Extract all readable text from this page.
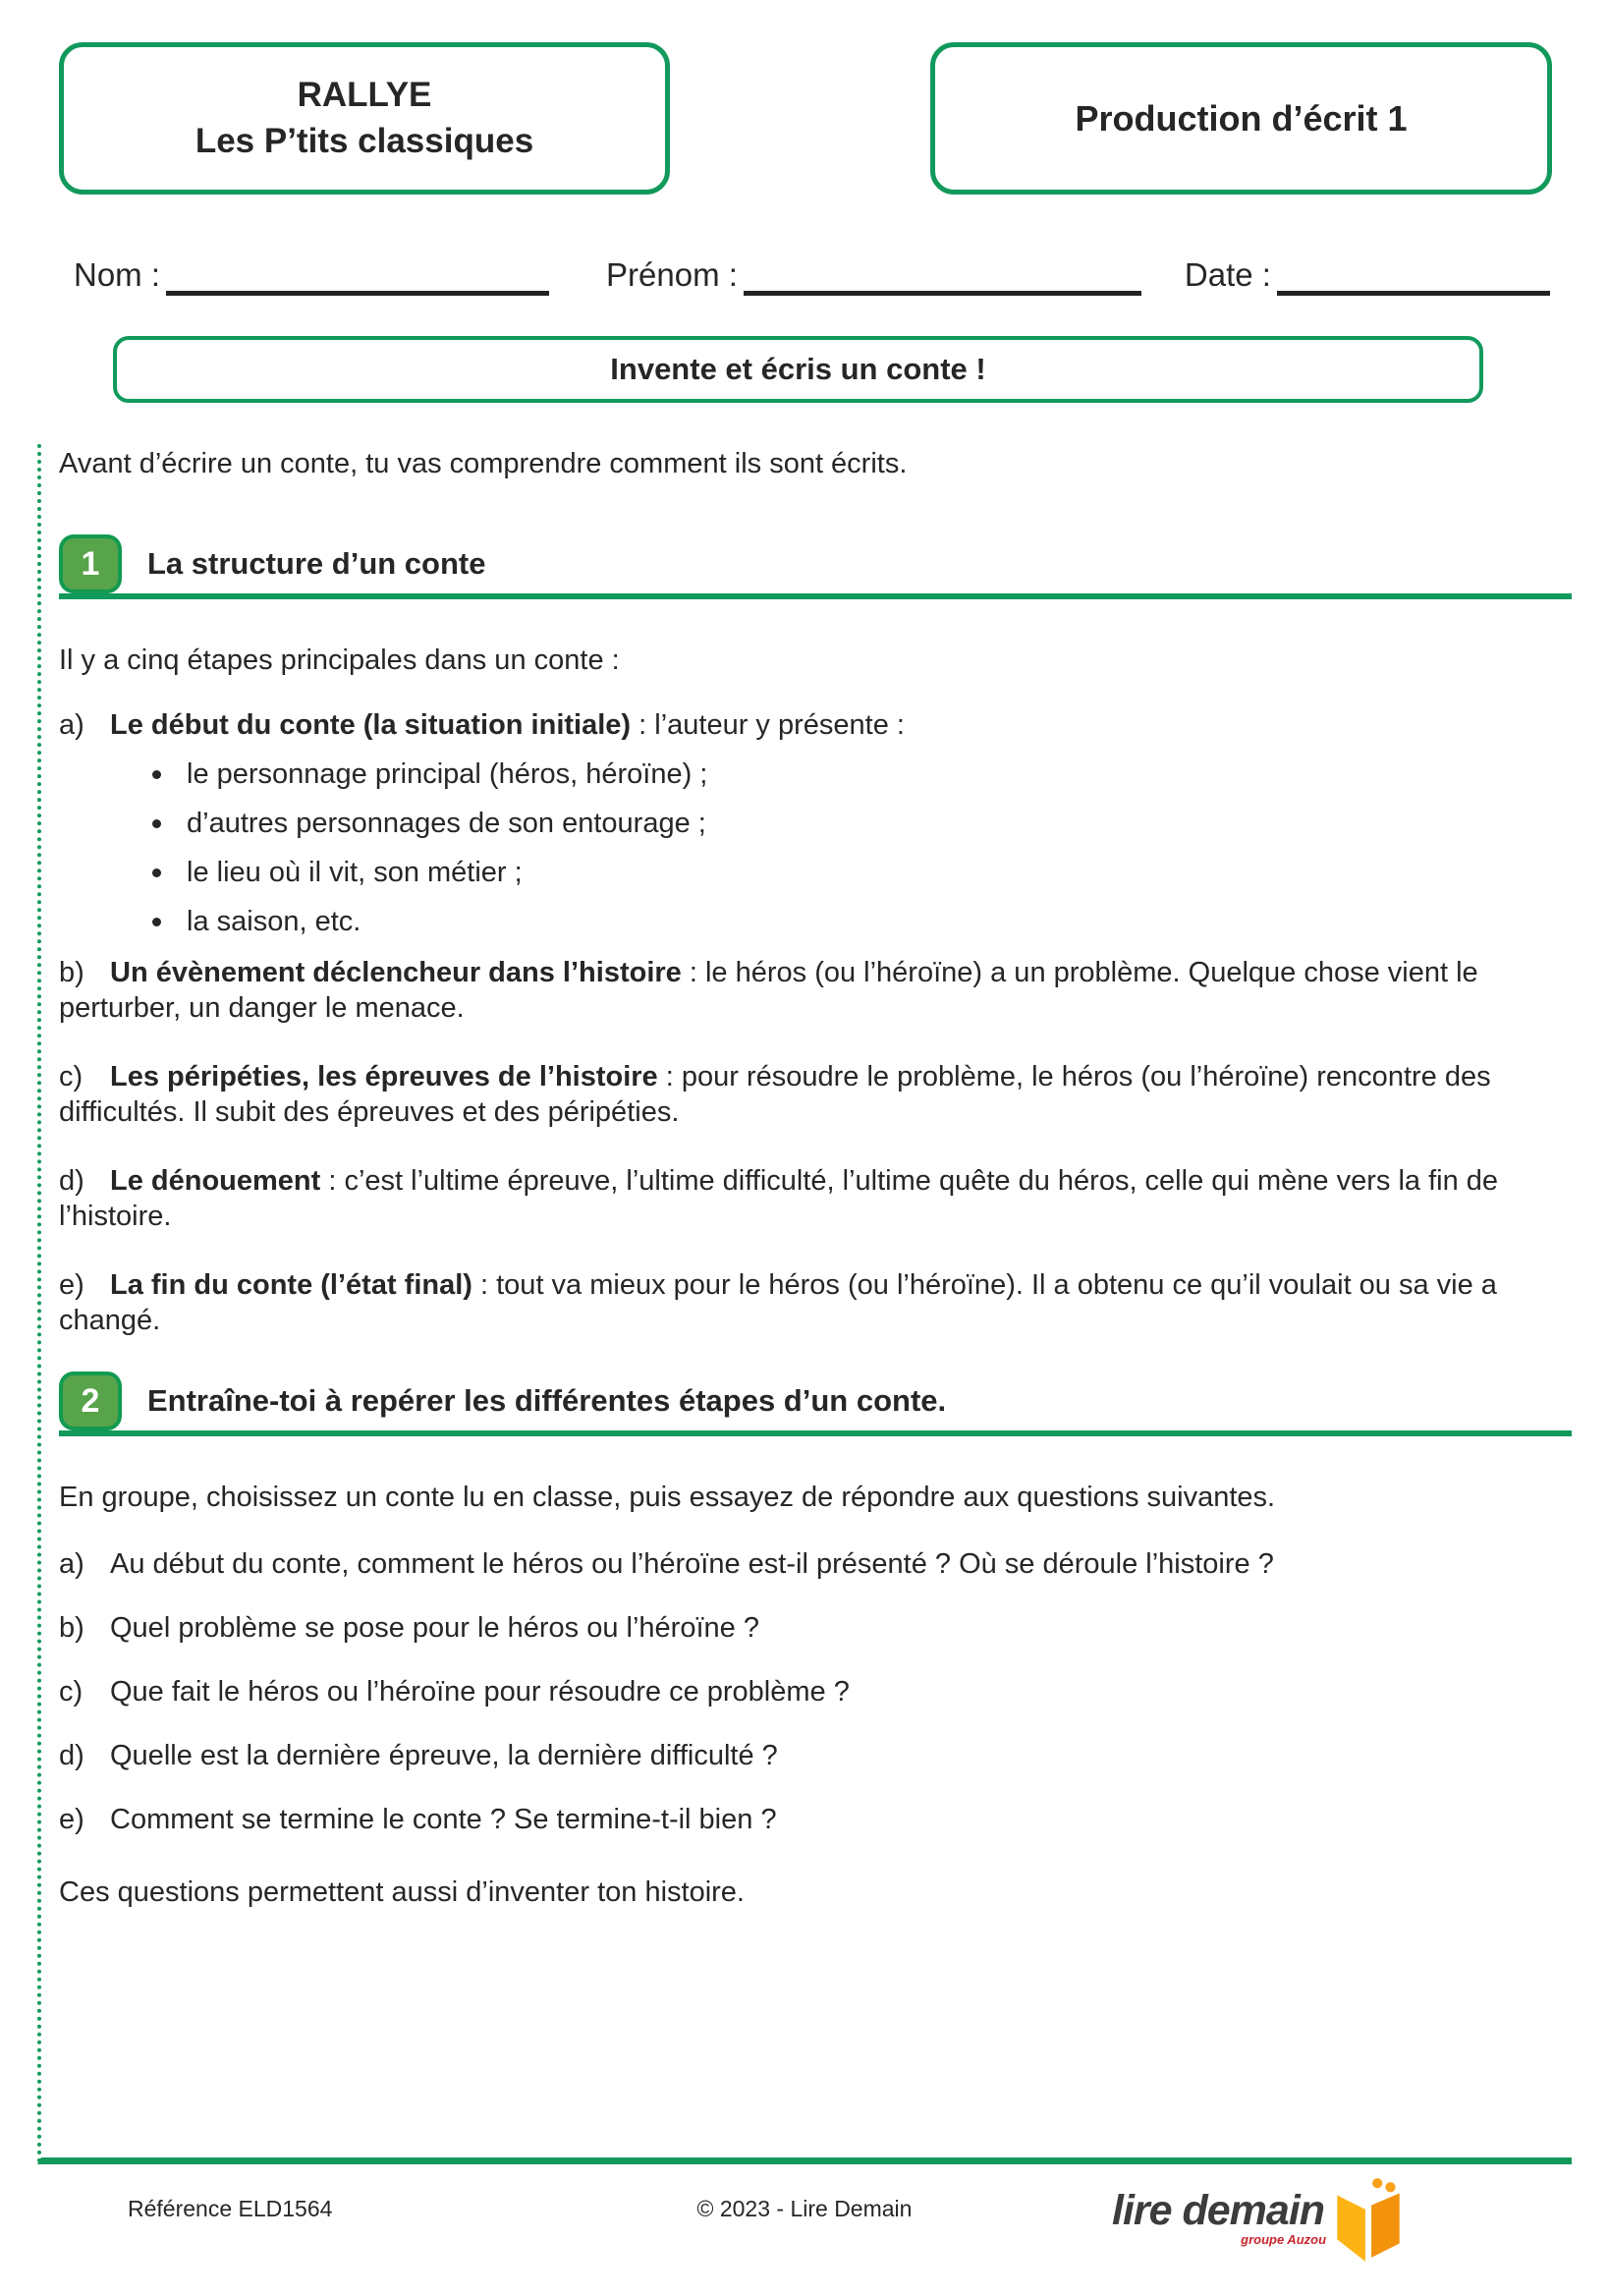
RALLYE
Les P’tits classiques
Production d’écrit 1
Nom :	Prénom :	Date :
Invente et écris un conte !

Avant d’écrire un conte, tu vas comprendre comment ils sont écrits.

1	La structure d’un conte

Il y a cinq étapes principales dans un conte :

a) Le début du conte (la situation initiale) : l’auteur y présente :

le personnage principal (héros, héroïne) ;
d’autres personnages de son entourage ;
le lieu où il vit, son métier ;
la saison, etc.

b) Un évènement déclencheur dans l’histoire : le héros (ou l’héroïne) a un problème. Quelque chose vient le perturber, un danger le menace.

c) Les péripéties, les épreuves de l’histoire : pour résoudre le problème, le héros (ou l’héroïne) rencontre des difficultés. Il subit des épreuves et des péripéties.

d) Le dénouement : c’est l’ultime épreuve, l’ultime difficulté, l’ultime quête du héros, celle qui mène vers la fin de l’histoire.

e) La fin du conte (l’état final) : tout va mieux pour le héros (ou l’héroïne). Il a obtenu ce qu’il voulait ou sa vie a changé.

2	Entraîne-toi à repérer les différentes étapes d’un conte.

En groupe, choisissez un conte lu en classe, puis essayez de répondre aux questions suivantes.

a) Au début du conte, comment le héros ou l’héroïne est-il présenté ? Où se déroule l’histoire ?

b) Quel problème se pose pour le héros ou l’héroïne ?

c) Que fait le héros ou l’héroïne pour résoudre ce problème ?

d) Quelle est la dernière épreuve, la dernière difficulté ?

e) Comment se termine le conte ? Se termine-t-il bien ?

Ces questions permettent aussi d’inventer ton histoire.

Référence ELD1564	© 2023 - Lire Demain	lire demain
groupe Auzou
